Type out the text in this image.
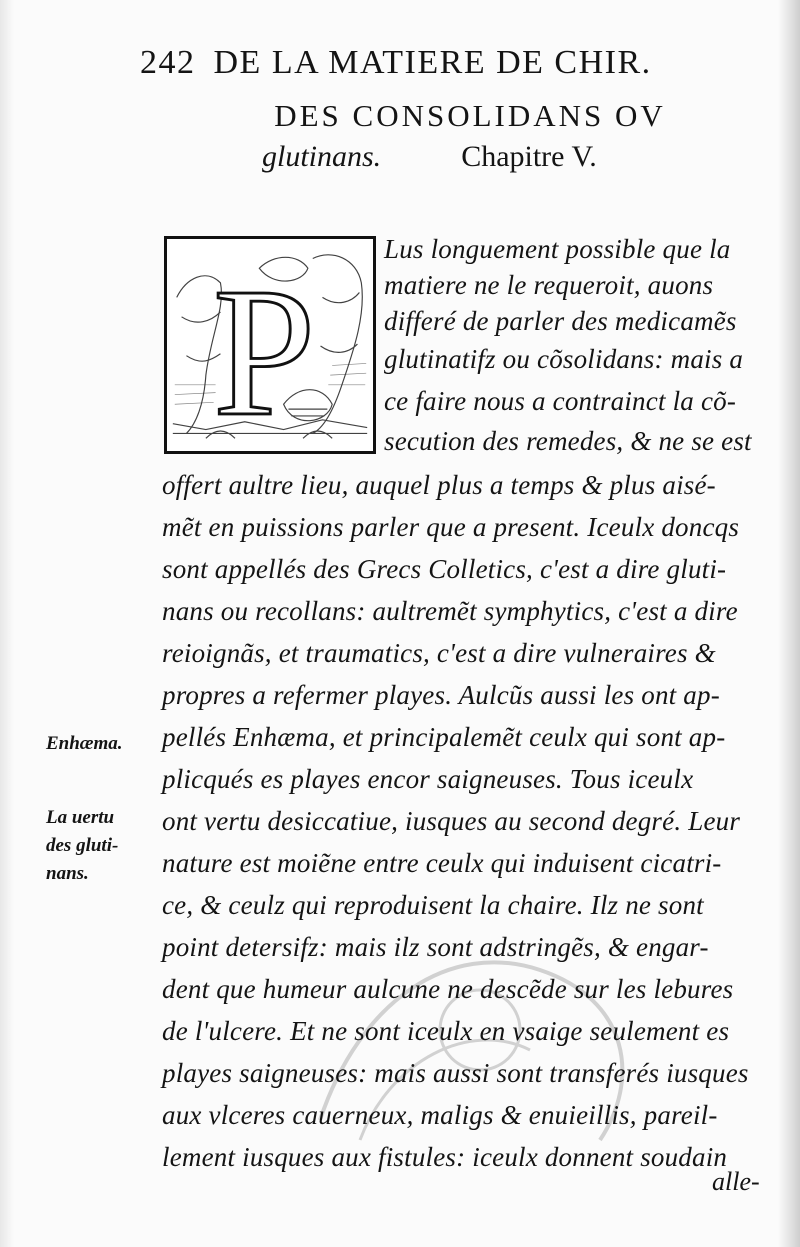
242 DE LA MATIERE DE CHIR.
DES CONSOLIDANS OV
glutinans.	Chapitre V.
P	Lus longuement possible que la
matiere ne le requeroit, auons
differé de parler des medicamẽs
glutinatifz ou cõsolidans: mais a
ce faire nous a contrainct la cõ-
secution des remedes, & ne se est
offert aultre lieu, auquel plus a temps & plus aisé-
mẽt en puissions parler que a present. Iceulx doncqs
sont appellés des Grecs Colletics, c'est a dire gluti-
nans ou recollans: aultremẽt symphytics, c'est a dire
reioignãs, et traumatics, c'est a dire vulneraires &
propres a refermer playes. Aulcũs aussi les ont ap-
pellés Enhæma, et principalemẽt ceulx qui sont ap-
plicqués es playes encor saigneuses. Tous iceulx
ont vertu desiccatiue, iusques au second degré. Leur
nature est moiẽne entre ceulx qui induisent cicatri-
ce, & ceulz qui reproduisent la chaire. Ilz ne sont
point detersifz: mais ilz sont adstringẽs, & engar-
dent que humeur aulcune ne descẽde sur les lebures
de l'ulcere. Et ne sont iceulx en vsaige seulement es
playes saigneuses: mais aussi sont transferés iusques
aux vlceres cauerneux, maligs & enuieillis, pareil-
lement iusques aux fistules: iceulx donnent soudain
Enhæma.
La uertu
des gluti-
nans.
alle-
